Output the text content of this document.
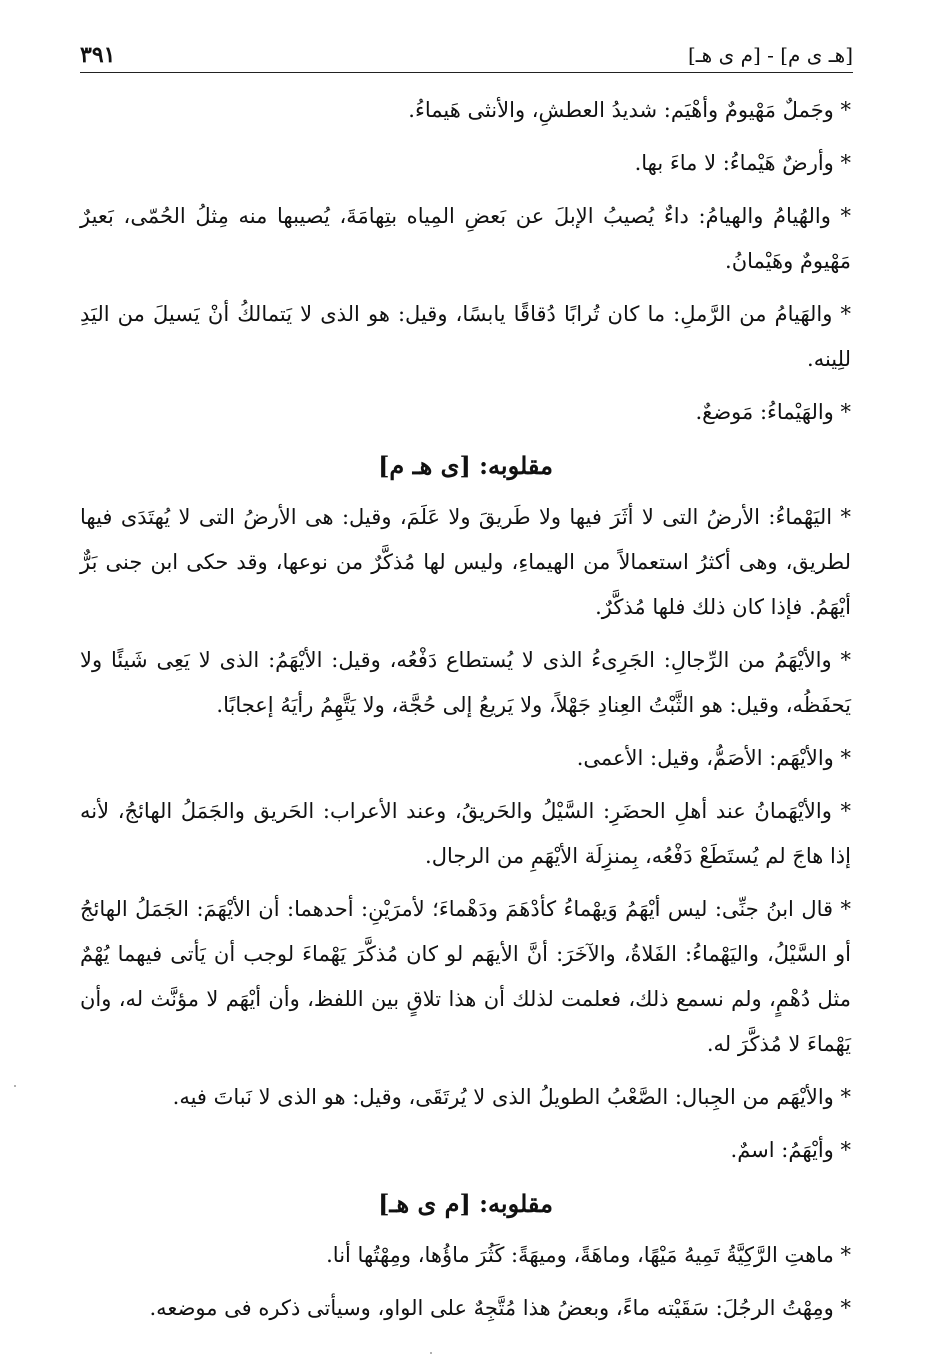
٣٩١	[هـ ى م] - [م ى هـ]

* وجَملٌ مَهْيومٌ وأهْيَم: شديدُ العطشِ، والأنثى هَيماءُ.

* وأرضٌ هَيْماءُ: لا ماءَ بها.

* والهُيامُ والهيامُ: داءٌ يُصيبُ الإبلَ عن بَعضِ المِياه بتِهامَةَ، يُصيبها منه مِثلُ الحُمّى، بَعيرٌ مَهْيومٌ وهَيْمانُ.

* والهَيامُ من الرَّملِ: ما كان تُرابًا دُقاقًا يابسًا، وقيل: هو الذى لا يَتمالكُ أنْ يَسيلَ من اليَدِ للِينه.

* والهَيْماءُ: مَوضعٌ.

مقلوبه: [ى هـ م]

* اليَهْماءُ: الأرضُ التى لا أثَرَ فيها ولا طَريقَ ولا عَلَمَ، وقيل: هى الأرضُ التى لا يُهتَدَى فيها لطريق، وهى أكثرُ استعمالاً من الهيماءِ، وليس لها مُذكَّرٌ من نوعها، وقد حكى ابن جنى بَرٌّ أيْهَمُ. فإذا كان ذلك فلها مُذكَّرٌ.

* والأيْهَمُ من الرِّجالِ: الجَرِىءُ الذى لا يُستطاع دَفْعُه، وقيل: الأيْهَمُ: الذى لا يَعِى شَيئًا ولا يَحفَظُه، وقيل: هو الثَّبْتُ العِنادِ جَهْلاً، ولا يَريعُ إلى حُجَّة، ولا يَتَّهِمُ رأيَهُ إعجابًا.

* والأيْهَم: الأصَمُّ، وقيل: الأعمى.

* والأيْهَمانُ عند أهلِ الحضَرِ: السَّيْلُ والحَريقُ، وعند الأعراب: الحَريق والجَمَلُ الهائجُ، لأنه إذا هاجَ لم يُستَطَعْ دَفْعُه، بِمنزِلَة الأيْهَمِ من الرجال.

* قال ابنُ جنِّى: ليس أيْهَمُ وَيهْماءُ كأدْهَمَ ودَهْماءَ؛ لأمرَيْنِ: أحدهما: أن الأيْهَمَ: الجَمَلُ الهائجُ أو السَّيْلُ، واليَهْماءُ: الفَلاةُ، والآخَرَ: أنَّ الأيهَم لو كان مُذكَّرَ يَهْماءَ لوجب أن يَأتى فيهما يُهْمٌ مثل دُهْمٍ، ولم نسمع ذلك، فعلمت لذلك أن هذا تلاقٍ بين اللفظ، وأن أيْهَم لا مؤنَّث له، وأن يَهْماءَ لا مُذكَّرَ له.

* والأيْهَم من الجِبال: الصَّعْبُ الطويلُ الذى لا يُرتَقَى، وقيل: هو الذى لا نَباتَ فيه.

* وأيْهَمُ: اسمٌ.

مقلوبه: [م ى هـ]

* ماهتِ الرَّكِيَّةُ تَمِيهُ مَيْهًا، وماهَةً، وميهَةً: كَثُرَ ماؤُها، ومِهْتُها أنا.

* ومِهْتُ الرجُلَ: سَقَيْته ماءً، وبعضُ هذا مُتَّجِهٌ على الواو، وسيأتى ذكره فى موضعه.
